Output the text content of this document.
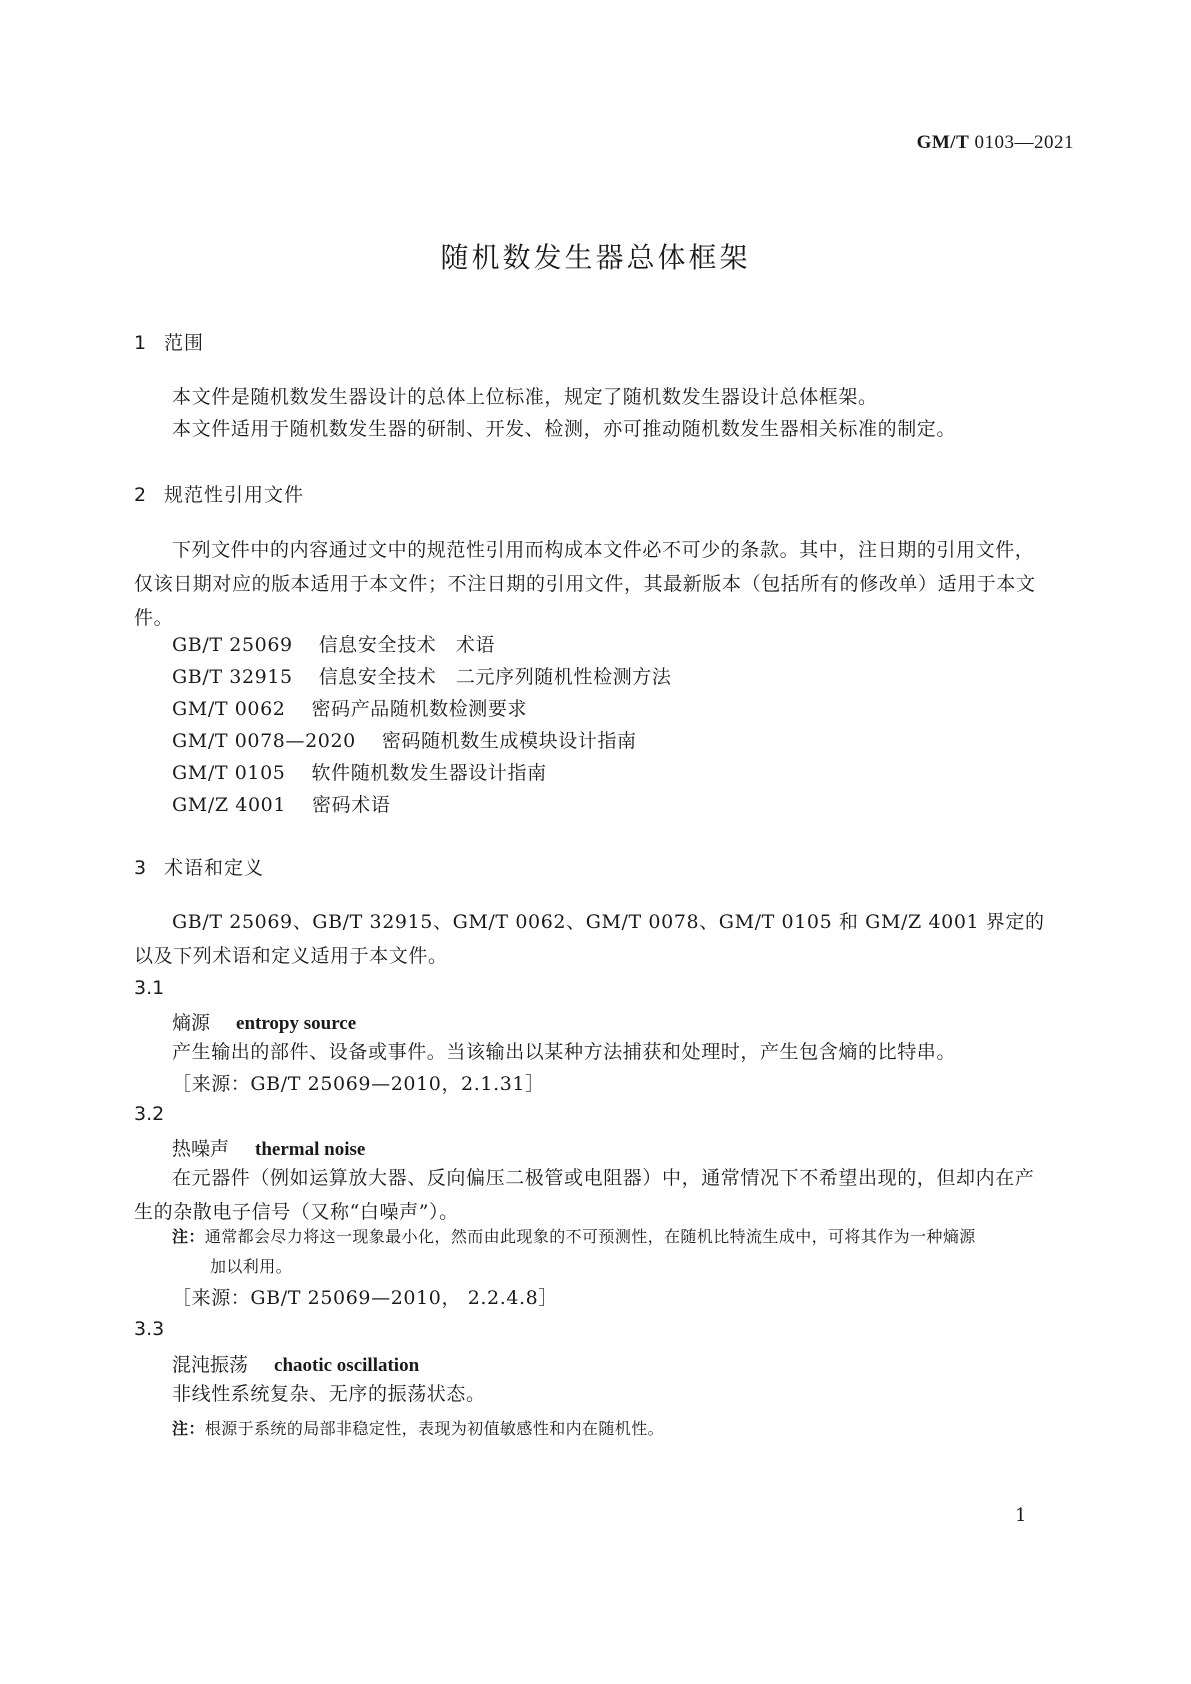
GM/T 0103—2021
随机数发生器总体框架
1 范围
本文件是随机数发生器设计的总体上位标准，规定了随机数发生器设计总体框架。
本文件适用于随机数发生器的研制、开发、检测，亦可推动随机数发生器相关标准的制定。
2 规范性引用文件
下列文件中的内容通过文中的规范性引用而构成本文件必不可少的条款。其中，注日期的引用文件，仅该日期对应的版本适用于本文件；不注日期的引用文件，其最新版本（包括所有的修改单）适用于本文件。
GB/T 25069 信息安全技术　术语
GB/T 32915 信息安全技术　二元序列随机性检测方法
GM/T 0062 密码产品随机数检测要求
GM/T 0078—2020 密码随机数生成模块设计指南
GM/T 0105 软件随机数发生器设计指南
GM/Z 4001 密码术语
3 术语和定义
GB/T 25069、GB/T 32915、GM/T 0062、GM/T 0078、GM/T 0105 和 GM/Z 4001 界定的以及下列术语和定义适用于本文件。
3.1
熵源 entropy source
产生输出的部件、设备或事件。当该输出以某种方法捕获和处理时，产生包含熵的比特串。
［来源：GB/T 25069—2010，2.1.31］
3.2
热噪声 thermal noise
在元器件（例如运算放大器、反向偏压二极管或电阻器）中，通常情况下不希望出现的，但却内在产生的杂散电子信号（又称“白噪声”）。
注：通常都会尽力将这一现象最小化，然而由此现象的不可预测性，在随机比特流生成中，可将其作为一种熵源加以利用。
［来源：GB/T 25069—2010， 2.2.4.8］
3.3
混沌振荡 chaotic oscillation
非线性系统复杂、无序的振荡状态。
注：根源于系统的局部非稳定性，表现为初值敏感性和内在随机性。
1
